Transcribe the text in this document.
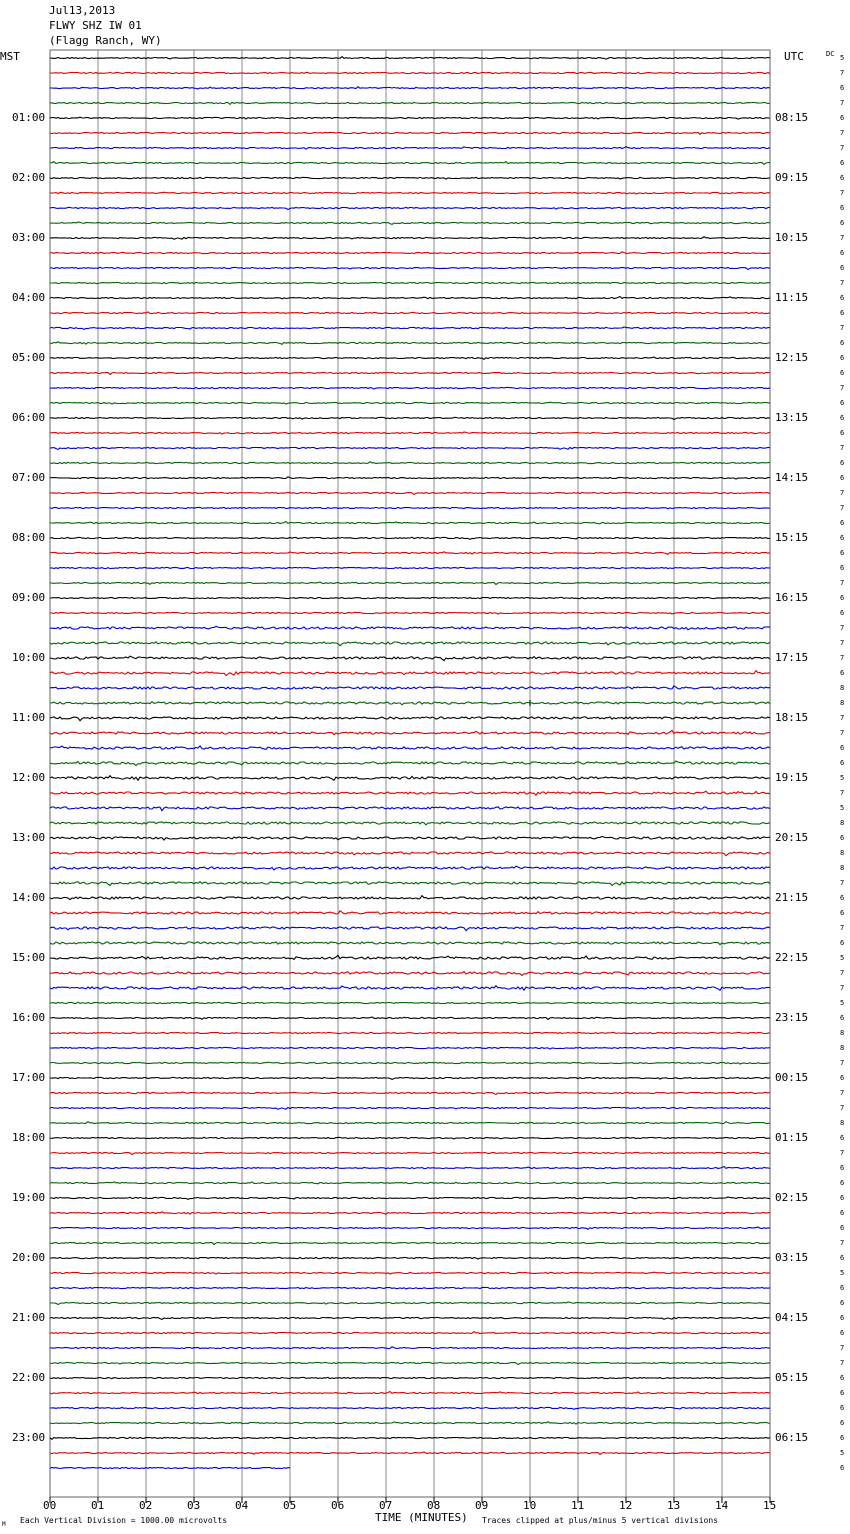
Jul13,2013
FLWY SHZ IW 01
(Flagg Ranch, WY)
MST	UTC	DC
01:00	08:15
02:00	09:15
03:00	10:15
04:00	11:15
05:00	12:15
06:00	13:15
07:00	14:15
08:00	15:15
09:00	16:15
10:00	17:15
11:00	18:15
12:00	19:15
13:00	20:15
14:00	21:15
15:00	22:15
16:00	23:15
17:00	00:15
18:00	01:15
19:00	02:15
20:00	03:15
21:00	04:15
22:00	05:15
23:00	06:15
5
7
6
7
6
7
7
6
6
7
6
6
7
6
6
7
6
6
7
6
6
6
7
6
6
6
7
6
6
7
7
6
6
6
6
7
6
6
7
7
7
6
8
8
7
7
6
6
5
7
5
8
6
8
8
7
6
6
7
6
5
7
7
5
6
8
8
7
6
7
7
8
6
7
6
6
6
6
6
7
6
5
6
6
6
6
7
7
6
6
6
6
6
5
6
00	01	02	03	04	05	06	07	08	09	10	11	12	13	14	15
Each Vertical Division = 1000.00 microvolts	TIME (MINUTES) Traces clipped at plus/minus 5 vertical divisions
M
